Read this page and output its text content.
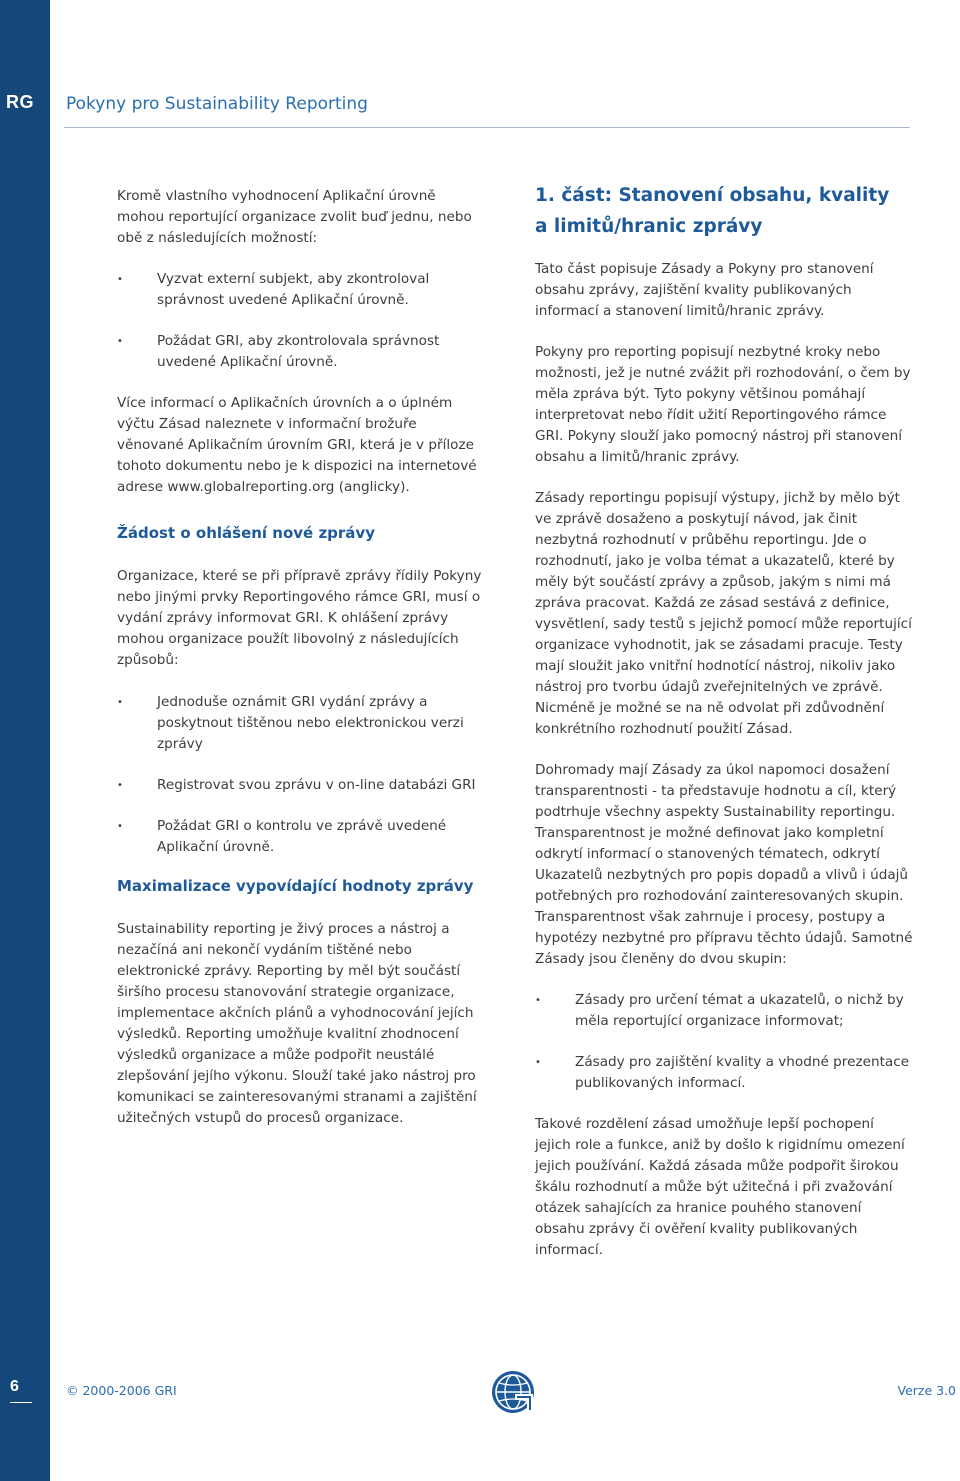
RG
6
Pokyny pro Sustainability Reporting

Kromě vlastního vyhodnocení Aplikační úrovně mohou reportující organizace zvolit buď jednu, nebo obě z následujících možností:

• Vyzvat externí subjekt, aby zkontroloval správnost uvedené Aplikační úrovně.
• Požádat GRI, aby zkontrolovala správnost uvedené Aplikační úrovně.

Více informací o Aplikačních úrovních a o úplném výčtu Zásad naleznete v informační brožuře věnované Aplikačním úrovním GRI, která je v příloze tohoto dokumentu nebo je k dispozici na internetové adrese www.globalreporting.org (anglicky).

Žádost o ohlášení nové zprávy

Organizace, které se při přípravě zprávy řídily Pokyny nebo jinými prvky Reportingového rámce GRI, musí o vydání zprávy informovat GRI. K ohlášení zprávy mohou organizace použít libovolný z následujících způsobů:

• Jednoduše oznámit GRI vydání zprávy a poskytnout tištěnou nebo elektronickou verzi zprávy
• Registrovat svou zprávu v on-line databázi GRI
• Požádat GRI o kontrolu ve zprávě uvedené Aplikační úrovně.
Maximalizace vypovídající hodnoty zprávy

Sustainability reporting je živý proces a nástroj a nezačíná ani nekončí vydáním tištěné nebo elektronické zprávy. Reporting by měl být součástí širšího procesu stanovování strategie organizace, implementace akčních plánů a vyhodnocování jejích výsledků. Reporting umožňuje kvalitní zhodnocení výsledků organizace a může podpořit neustálé zlepšování jejího výkonu. Slouží také jako nástroj pro komunikaci se zainteresovanými stranami a zajištění užitečných vstupů do procesů organizace.

1. část: Stanovení obsahu, kvality
a limitů/hranic zprávy

Tato část popisuje Zásady a Pokyny pro stanovení obsahu zprávy, zajištění kvality publikovaných informací a stanovení limitů/hranic zprávy.

Pokyny pro reporting popisují nezbytné kroky nebo možnosti, jež je nutné zvážit při rozhodování, o čem by měla zpráva být. Tyto pokyny většinou pomáhají interpretovat nebo řídit užití Reportingového rámce GRI. Pokyny slouží jako pomocný nástroj při stanovení obsahu a limitů/hranic zprávy.

Zásady reportingu popisují výstupy, jichž by mělo být ve zprávě dosaženo a poskytují návod, jak činit nezbytná rozhodnutí v průběhu reportingu. Jde o rozhodnutí, jako je volba témat a ukazatelů, které by měly být součástí zprávy a způsob, jakým s nimi má zpráva pracovat. Každá ze zásad sestává z definice, vysvětlení, sady testů s jejichž pomocí může reportující organizace vyhodnotit, jak se zásadami pracuje. Testy mají sloužit jako vnitřní hodnotící nástroj, nikoliv jako nástroj pro tvorbu údajů zveřejnitelných ve zprávě. Nicméně je možné se na ně odvolat při zdůvodnění konkrétního rozhodnutí použití Zásad.

Dohromady mají Zásady za úkol napomoci dosažení transparentnosti - ta představuje hodnotu a cíl, který podtrhuje všechny aspekty Sustainability reportingu. Transparentnost je možné definovat jako kompletní odkrytí informací o stanovených tématech, odkrytí Ukazatelů nezbytných pro popis dopadů a vlivů i údajů potřebných pro rozhodování zainteresovaných skupin. Transparentnost však zahrnuje i procesy, postupy a hypotézy nezbytné pro přípravu těchto údajů. Samotné Zásady jsou členěny do dvou skupin:

• Zásady pro určení témat a ukazatelů, o nichž by měla reportující organizace informovat;
• Zásady pro zajištění kvality a vhodné prezentace publikovaných informací.

Takové rozdělení zásad umožňuje lepší pochopení jejich role a funkce, aniž by došlo k rigidnímu omezení jejich používání. Každá zásada může podpořit širokou škálu rozhodnutí a může být užitečná i při zvažování otázek sahajících za hranice pouhého stanovení obsahu zprávy či ověření kvality publikovaných informací.

© 2000-2006 GRI	Verze 3.0
